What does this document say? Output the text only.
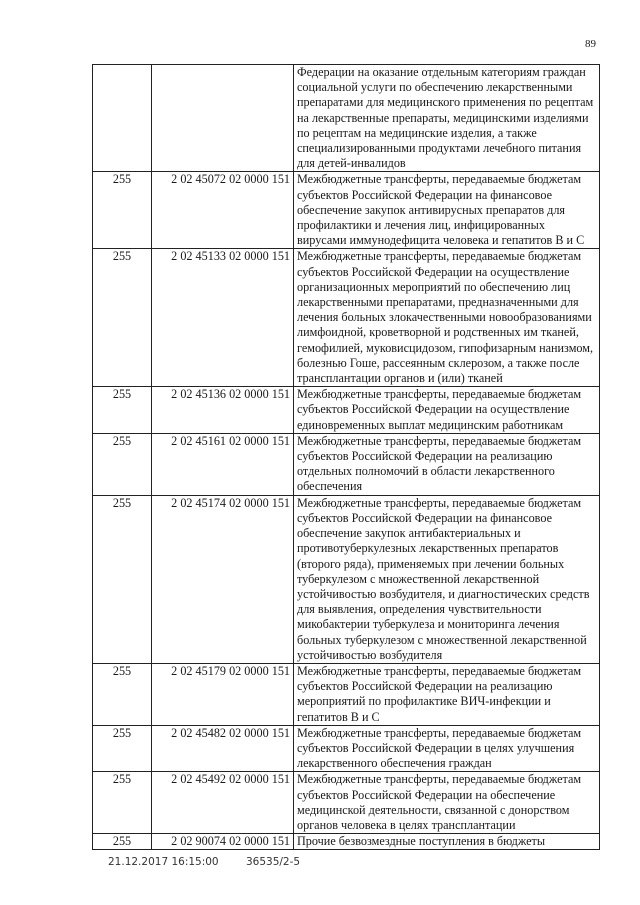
89
		Федерации на оказание отдельным категориям граждан социальной услуги по обеспечению лекарственными препаратами для медицинского применения по рецептам на лекарственные препараты, медицинскими изделиями по рецептам на медицинские изделия, а также специализированными продуктами лечебного питания для детей-инвалидов
255	2 02 45072 02 0000 151	Межбюджетные трансферты, передаваемые бюджетам субъектов Российской Федерации на финансовое обеспечение закупок антивирусных препаратов для профилактики и лечения лиц, инфицированных вирусами иммунодефицита человека и гепатитов В и С
255	2 02 45133 02 0000 151	Межбюджетные трансферты, передаваемые бюджетам субъектов Российской Федерации на осуществление организационных мероприятий по обеспечению лиц лекарственными препаратами, предназначенными для лечения больных злокачественными новообразованиями лимфоидной, кроветворной и родственных им тканей, гемофилией, муковисцидозом, гипофизарным нанизмом, болезнью Гоше, рассеянным склерозом, а также после трансплантации органов и (или) тканей
255	2 02 45136 02 0000 151	Межбюджетные трансферты, передаваемые бюджетам субъектов Российской Федерации на осуществление единовременных выплат медицинским работникам
255	2 02 45161 02 0000 151	Межбюджетные трансферты, передаваемые бюджетам субъектов Российской Федерации на реализацию отдельных полномочий в области лекарственного обеспечения
255	2 02 45174 02 0000 151	Межбюджетные трансферты, передаваемые бюджетам субъектов Российской Федерации на финансовое обеспечение закупок антибактериальных и противотуберкулезных лекарственных препаратов (второго ряда), применяемых при лечении больных туберкулезом с множественной лекарственной устойчивостью возбудителя, и диагностических средств для выявления, определения чувствительности микобактерии туберкулеза и мониторинга лечения больных туберкулезом с множественной лекарственной устойчивостью возбудителя
255	2 02 45179 02 0000 151	Межбюджетные трансферты, передаваемые бюджетам субъектов Российской Федерации на реализацию мероприятий по профилактике ВИЧ-инфекции и гепатитов В и С
255	2 02 45482 02 0000 151	Межбюджетные трансферты, передаваемые бюджетам субъектов Российской Федерации в целях улучшения лекарственного обеспечения граждан
255	2 02 45492 02 0000 151	Межбюджетные трансферты, передаваемые бюджетам субъектов Российской Федерации на обеспечение медицинской деятельности, связанной с донорством органов человека в целях трансплантации
255	2 02 90074 02 0000 151	Прочие безвозмездные поступления в бюджеты
21.12.2017 16:15:00	36535/2-5
